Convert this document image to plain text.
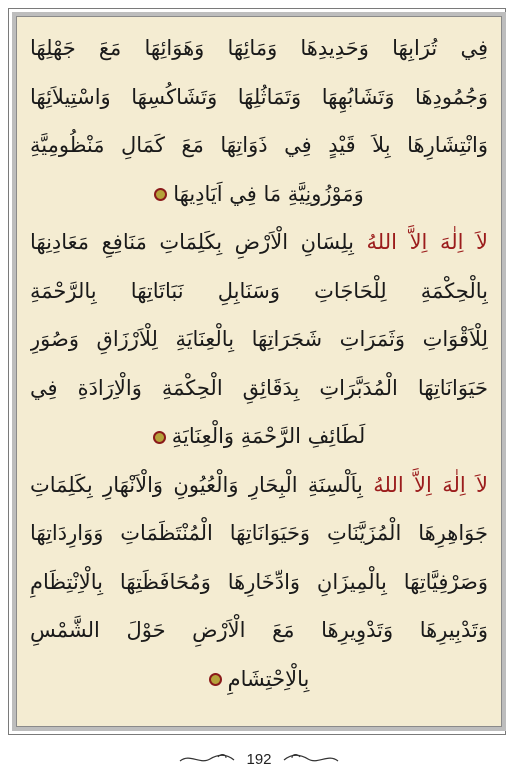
فِي تُرَابِهَا وَحَدِيدِهَا وَمَائِهَا وَهَوَائِهَا مَعَ جَهْلِهَا
وَجُمُودِهَا وَتَشَابُهِهَا وَتَمَاثُلِهَا وَتَشَاكُسِهَا وَاسْتِيلاَئِهَا
وَانْتِشَارِهَا بِلاَ قَيْدٍ فِي ذَوَاتِهَا مَعَ كَمَالِ مَنْظُومِيَّةِ
وَمَوْزُونِيَّةِ مَا فِي اَيَادِيهَا
لاَ اِلٰهَ اِلاَّ اللهُ بِلِسَانِ الْاَرْضِ بِكَلِمَاتِ مَنَافِعِ مَعَادِنِهَا
بِالْحِكْمَةِ لِلْحَاجَاتِ وَسَنَابِلِ نَبَاتَاتِهَا بِالرَّحْمَةِ
لِلْاَقْوَاتِ وَثَمَرَاتِ شَجَرَاتِهَا بِالْعِنَايَةِ لِلْاَرْزَاقِ وَصُوَرِ
حَيَوَانَاتِهَا الْمُدَبَّرَاتِ بِدَقَائِقِ الْحِكْمَةِ وَالْاِرَادَةِ فِي
لَطَائِفِ الرَّحْمَةِ وَالْعِنَايَةِ
لاَ اِلٰهَ اِلاَّ اللهُ بِاَلْسِنَةِ الْبِحَارِ وَالْعُيُونِ وَالْاَنْهَارِ بِكَلِمَاتِ
جَوَاهِرِهَا الْمُزَيَّنَاتِ وَحَيَوَانَاتِهَا الْمُنْتَظَمَاتِ وَوَارِدَاتِهَا
وَصَرْفِيَّاتِهَا بِالْمِيزَانِ وَادِّخَارِهَا وَمُحَافَظَتِهَا بِالْاِنْتِظَامِ
وَتَدْبِيرِهَا وَتَدْوِيرِهَا مَعَ الْاَرْضِ حَوْلَ الشَّمْسِ
بِالْاِحْتِشَامِ
192
